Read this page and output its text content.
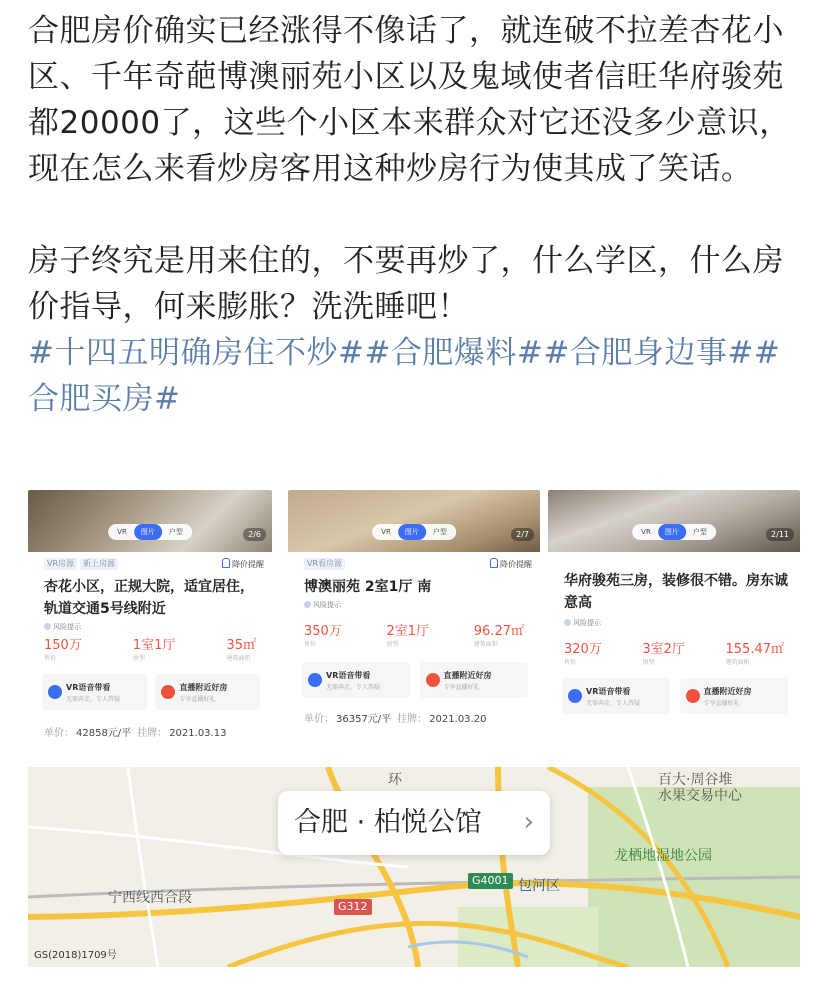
合肥房价确实已经涨得不像话了，就连破不拉差杏花小区、千年奇葩博澳丽苑小区以及鬼域使者信旺华府骏苑都20000了，这些个小区本来群众对它还没多少意识，现在怎么来看炒房客用这种炒房行为使其成了笑话。

房子终究是用来住的，不要再炒了，什么学区，什么房价指导，何来膨胀？洗洗睡吧！

#十四五明确房住不炒##合肥爆料##合肥身边事##合肥买房#

VR	图片	户型	2/6
VR房源 新上房源	降价提醒
杏花小区，正规大院，适宜居住，轨道交通5号线附近
风险提示
150万
售价
1室1厅
房型
35㎡
建筑面积
VR语音带看
无需奔走，专人答疑
直播附近好房
专享直播好礼
单价： 42858元/平 挂牌： 2021.03.13
VR	图片	户型	2/7
VR看房源	降价提醒
博澳丽苑 2室1厅 南
风险提示
350万
售价
2室1厅
房型
96.27㎡
建筑面积
VR语音带看
无需奔走，专人答疑
直播附近好房
专享直播好礼
单价： 36357元/平 挂牌： 2021.03.20
VR	图片	户型	2/11
华府骏苑三房，装修很不错。房东诚意高
风险提示
320万
售价
3室2厅
房型
155.47㎡
建筑面积
VR语音带看
无需奔走，专人答疑
直播附近好房
专享直播好礼
百大·周谷堆
水果交易中心
龙栖地湿地公园
宁西线西合段
包河区
环
G4001
G312
合肥 · 柏悦公馆 ›
GS(2018)1709号
